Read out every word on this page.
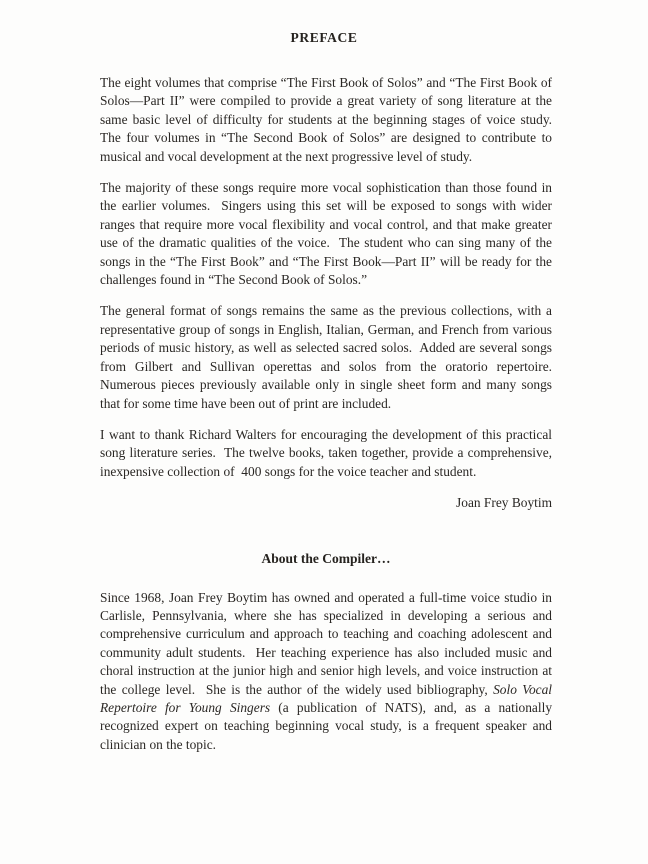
PREFACE

The eight volumes that comprise “The First Book of Solos” and “The First Book of Solos—Part II” were compiled to provide a great variety of song literature at the same basic level of difficulty for students at the beginning stages of voice study.  The four volumes in “The Second Book of Solos” are designed to contribute to musical and vocal development at the next progressive level of study.

The majority of these songs require more vocal sophistication than those found in the earlier volumes.  Singers using this set will be exposed to songs with wider ranges that require more vocal flexibility and vocal control, and that make greater use of the dramatic qualities of the voice.  The student who can sing many of the songs in the “The First Book” and “The First Book—Part II” will be ready for the challenges found in “The Second Book of Solos.”

The general format of songs remains the same as the previous collections, with a representative group of songs in English, Italian, German, and French from various periods of music history, as well as selected sacred solos.  Added are several songs from Gilbert and Sullivan operettas and solos from the oratorio repertoire.  Numerous pieces previously available only in single sheet form and many songs that for some time have been out of print are included.

I want to thank Richard Walters for encouraging the development of this practical song literature series.  The twelve books, taken together, provide a comprehensive, inexpensive collection of  400 songs for the voice teacher and student.

Joan Frey Boytim

About the Compiler…

Since 1968, Joan Frey Boytim has owned and operated a full-time voice studio in Carlisle, Pennsylvania, where she has specialized in developing a serious and comprehensive curriculum and approach to teaching and coaching adolescent and community adult students.  Her teaching experience has also included music and choral instruction at the junior high and senior high levels, and voice instruction at the college level.  She is the author of the widely used bibliography, Solo Vocal Repertoire for Young Singers (a publication of NATS), and, as a nationally recognized expert on teaching beginning vocal study, is a frequent speaker and clinician on the topic.
